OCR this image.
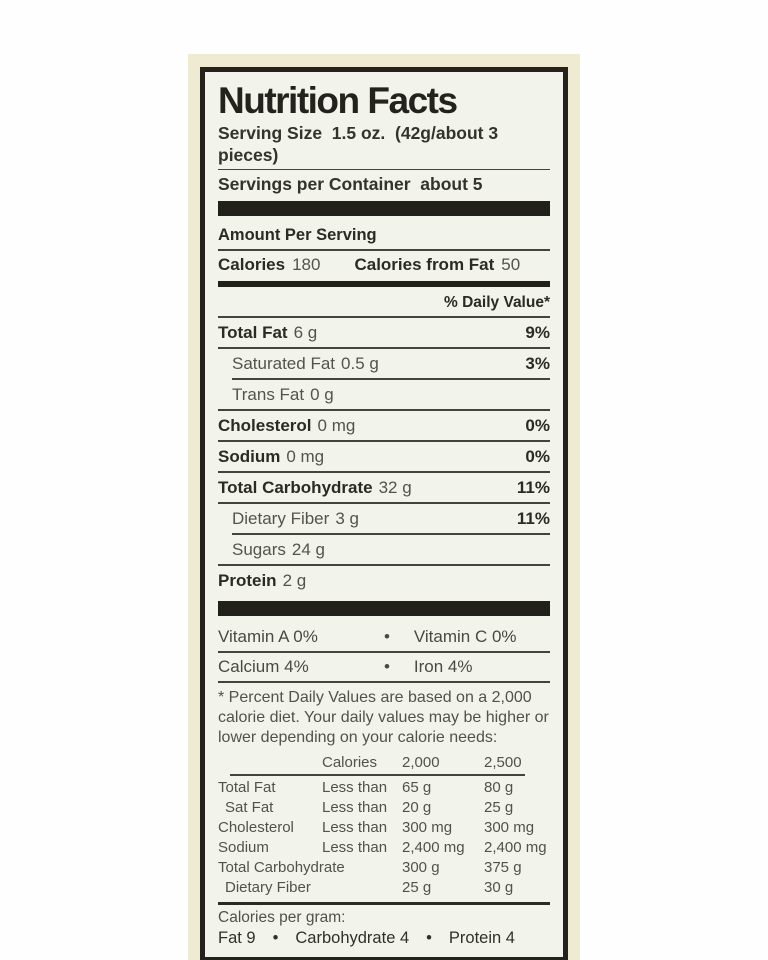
Nutrition Facts
Serving Size  1.5 oz.  (42g/about 3 pieces)
Servings per Container  about 5
Amount Per Serving
Calories 180 Calories from Fat 50
% Daily Value*
Total Fat 6 g	9%
Saturated Fat 0.5 g	3%
Trans Fat 0 g
Cholesterol 0 mg	0%
Sodium 0 mg	0%
Total Carbohydrate 32 g	11%
Dietary Fiber 3 g	11%
Sugars 24 g
Protein 2 g
Vitamin A 0%	•	Vitamin C 0%
Calcium 4%	•	Iron 4%
* Percent Daily Values are based on a 2,000
calorie diet. Your daily values may be higher or
lower depending on your calorie needs:
Calories	2,000	2,500
Total Fat	Less than 65 g	80 g
Sat Fat	Less than 20 g	25 g
Cholesterol	Less than 300 mg	300 mg
Sodium	Less than 2,400 mg	2,400 mg
Total Carbohydrate	300 g	375 g
Dietary Fiber	25 g	30 g
Calories per gram:
Fat 9 • Carbohydrate 4 • Protein 4
